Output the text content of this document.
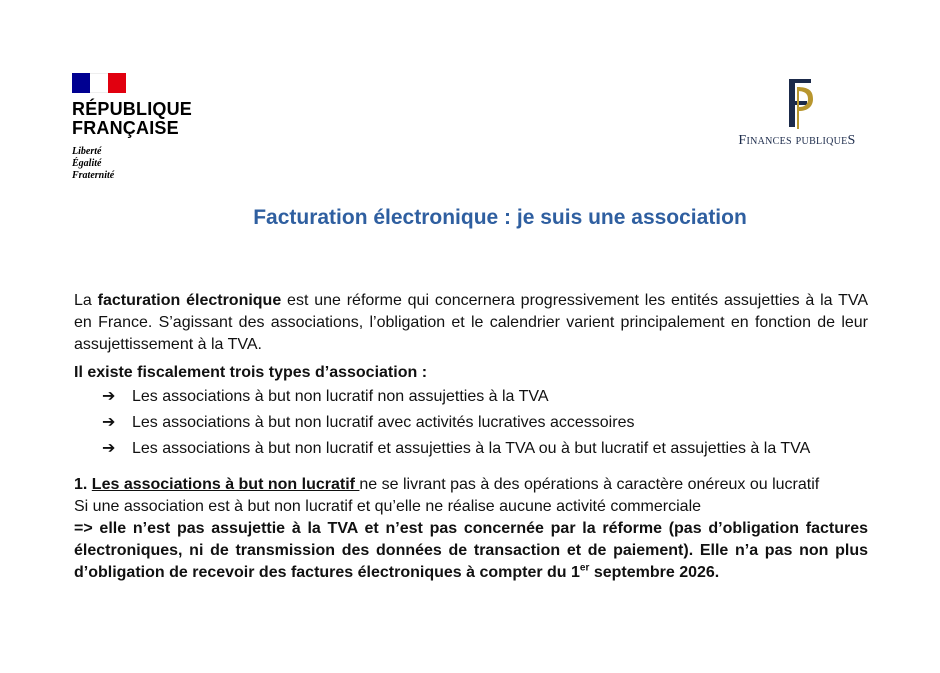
RÉPUBLIQUE
FRANÇAISE
Liberté
Égalité
Fraternité
Finances publiqueS
Facturation électronique : je suis une association

La facturation électronique est une réforme qui concernera progressivement les entités assujetties à la TVA en France. S’agissant des associations, l’obligation et le calendrier varient principalement en fonction de leur assujettissement à la TVA.

Il existe fiscalement trois types d’association :

➔ Les associations à but non lucratif non assujetties à la TVA
➔ Les associations à but non lucratif avec activités lucratives accessoires
➔ Les associations à but non lucratif et assujetties à la TVA ou à but lucratif et assujetties à la TVA

1. Les associations à but non lucratif ne se livrant pas à des opérations à caractère onéreux ou lucratif

Si une association est à but non lucratif et qu’elle ne réalise aucune activité commerciale

=> elle n’est pas assujettie à la TVA et n’est pas concernée par la réforme (pas d’obligation factures électroniques, ni de transmission des données de transaction et de paiement). Elle n’a pas non plus d’obligation de recevoir des factures électroniques à compter du 1er septembre 2026.
